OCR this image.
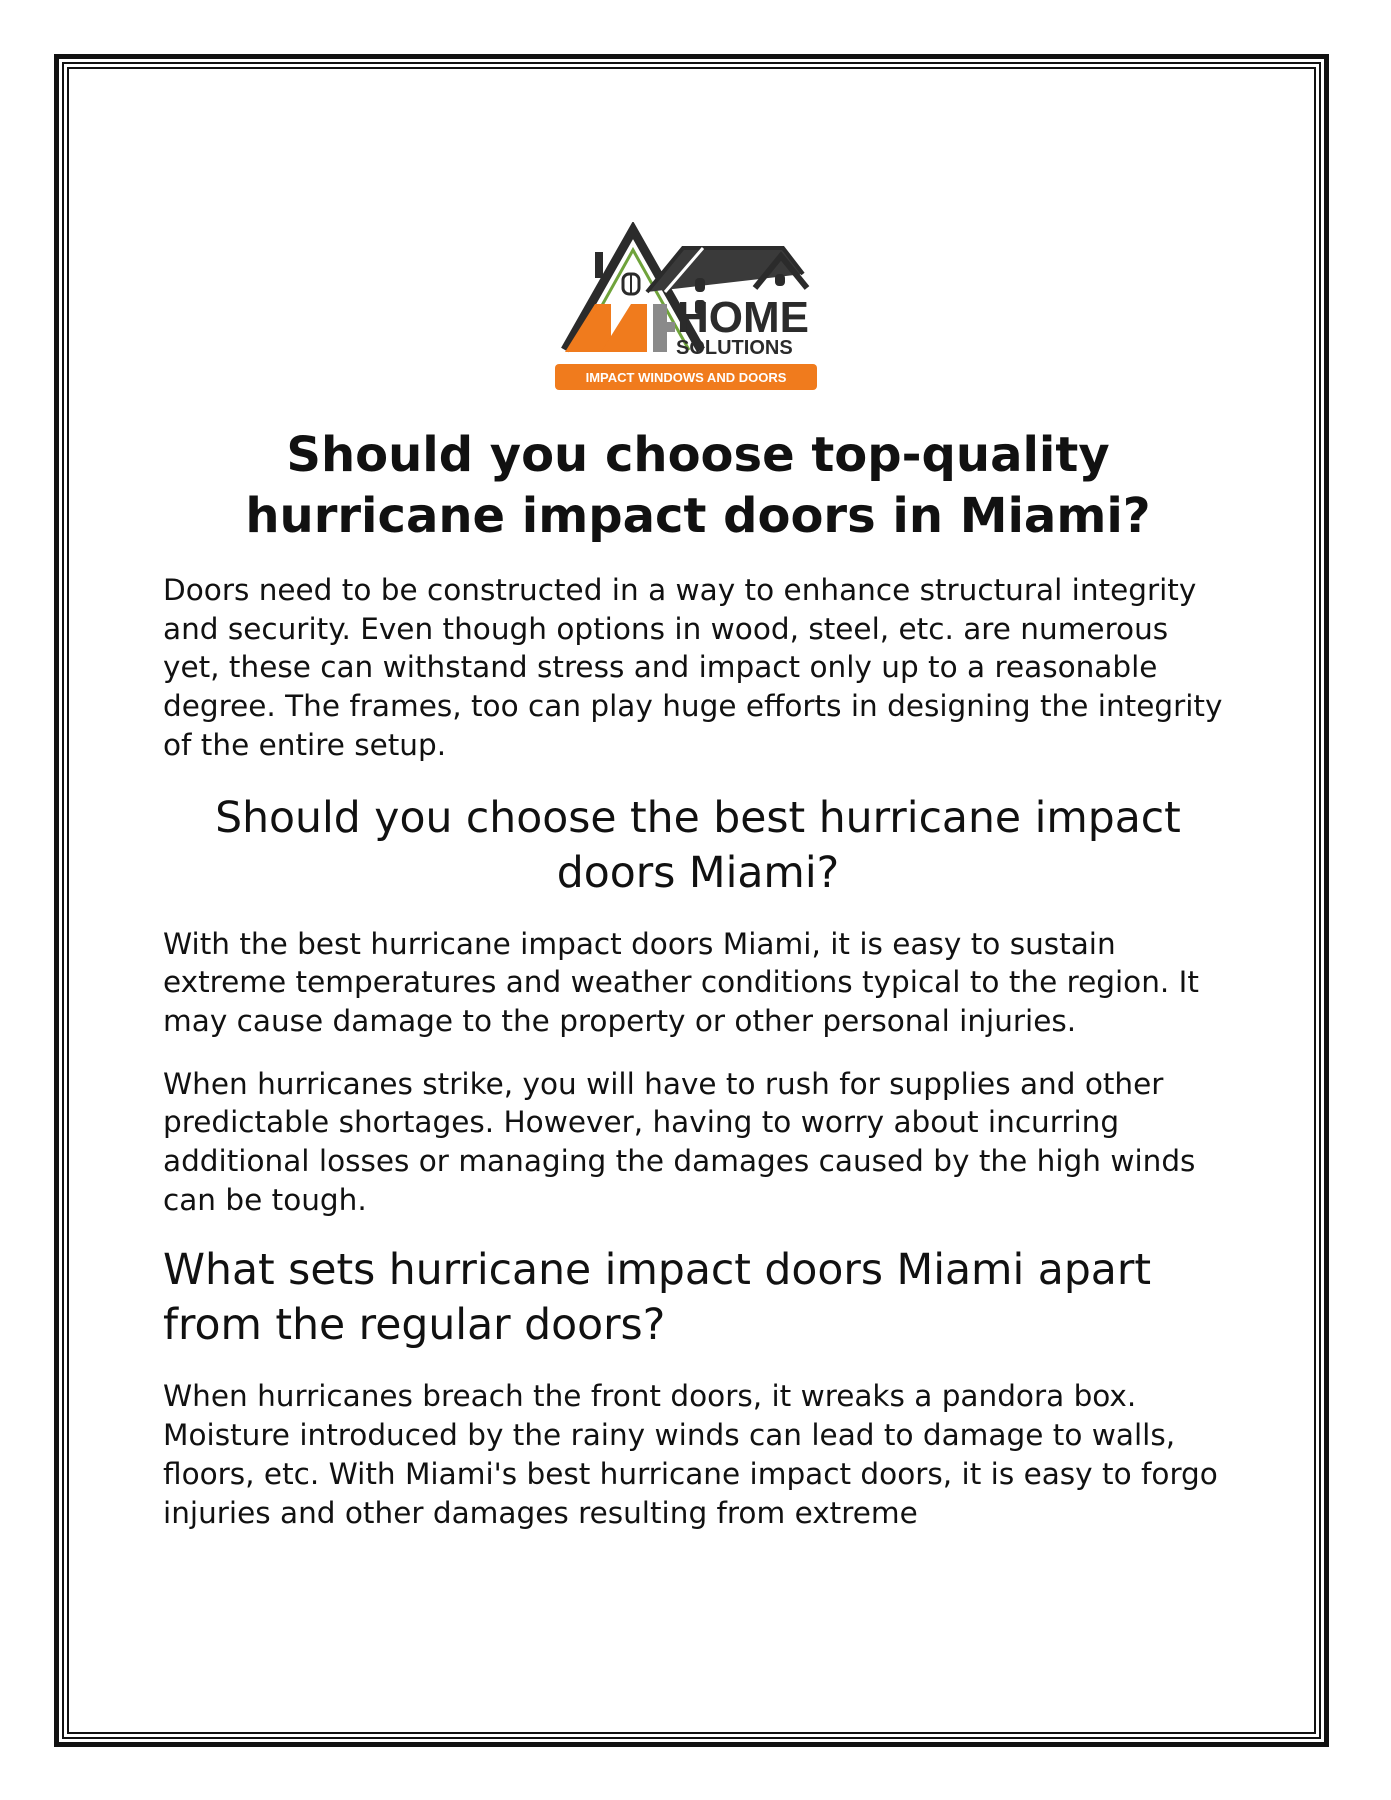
HOME
SOLUTIONS
IMPACT WINDOWS AND DOORS
Should you choose top-quality hurricane impact doors in Miami?

Doors need to be constructed in a way to enhance structural integrity and security. Even though options in wood, steel, etc. are numerous yet, these can withstand stress and impact only up to a reasonable degree. The frames, too can play huge efforts in designing the integrity of the entire setup.

Should you choose the best hurricane impact doors Miami?

With the best hurricane impact doors Miami, it is easy to sustain extreme temperatures and weather conditions typical to the region. It may cause damage to the property or other personal injuries.

When hurricanes strike, you will have to rush for supplies and other predictable shortages. However, having to worry about incurring additional losses or managing the damages caused by the high winds can be tough.

What sets hurricane impact doors Miami apart from the regular doors?

When hurricanes breach the front doors, it wreaks a pandora box. Moisture introduced by the rainy winds can lead to damage to walls, floors, etc. With Miami's best hurricane impact doors, it is easy to forgo injuries and other damages resulting from extreme
